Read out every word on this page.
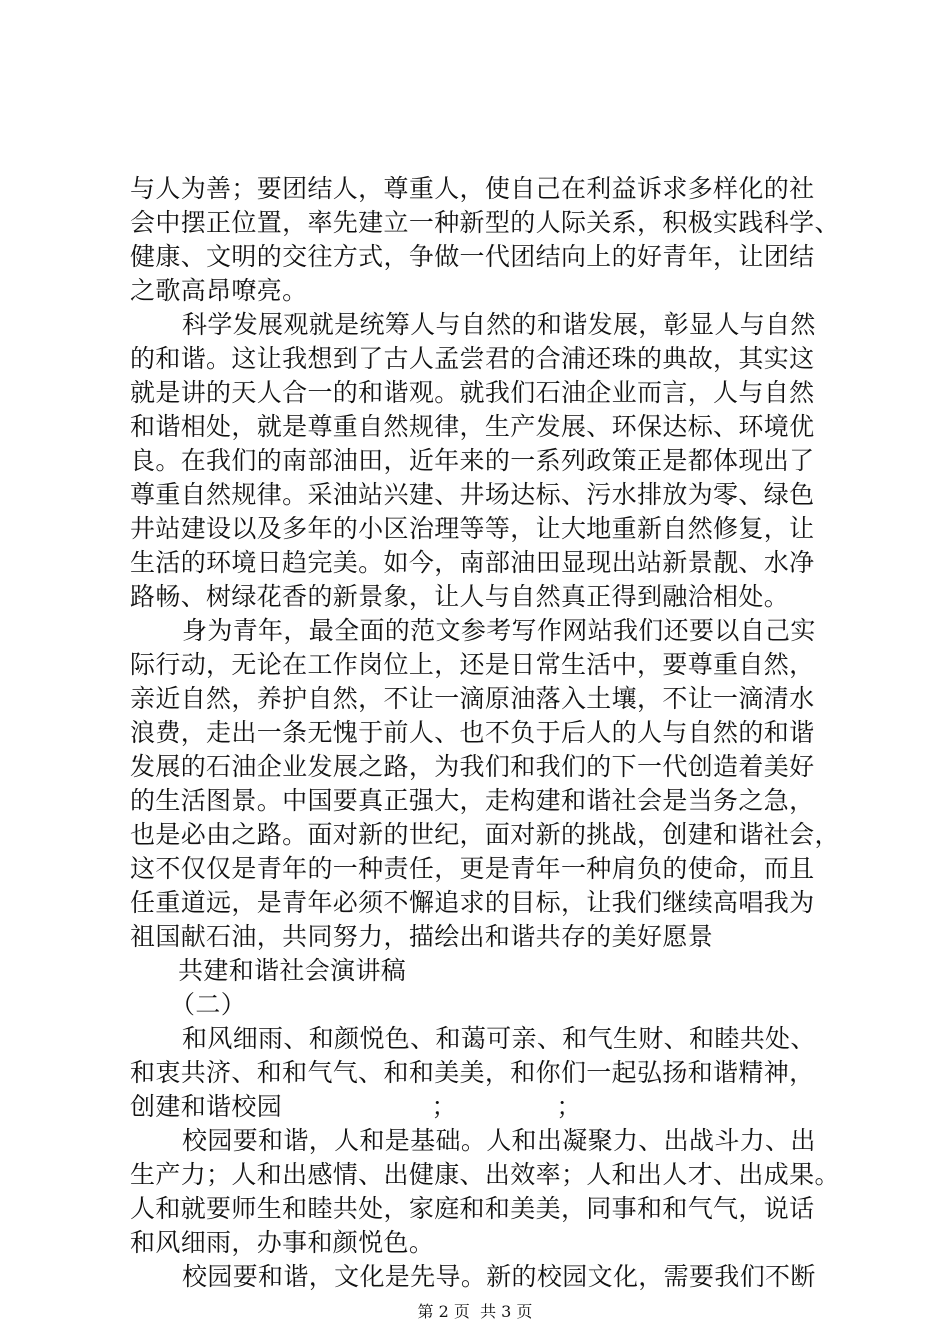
与人为善；要团结人，尊重人，使自己在利益诉求多样化的社
会中摆正位置，率先建立一种新型的人际关系，积极实践科学、
健康、文明的交往方式，争做一代团结向上的好青年，让团结
之歌高昂嘹亮。
科学发展观就是统筹人与自然的和谐发展，彰显人与自然
的和谐。这让我想到了古人孟尝君的合浦还珠的典故，其实这
就是讲的天人合一的和谐观。就我们石油企业而言，人与自然
和谐相处，就是尊重自然规律，生产发展、环保达标、环境优
良。在我们的南部油田，近年来的一系列政策正是都体现出了
尊重自然规律。采油站兴建、井场达标、污水排放为零、绿色
井站建设以及多年的小区治理等等，让大地重新自然修复，让
生活的环境日趋完美。如今，南部油田显现出站新景靓、水净
路畅、树绿花香的新景象，让人与自然真正得到融洽相处。
身为青年，最全面的范文参考写作网站我们还要以自己实
际行动，无论在工作岗位上，还是日常生活中，要尊重自然，
亲近自然，养护自然，不让一滴原油落入土壤，不让一滴清水
浪费，走出一条无愧于前人、也不负于后人的人与自然的和谐
发展的石油企业发展之路，为我们和我们的下一代创造着美好
的生活图景。中国要真正强大，走构建和谐社会是当务之急，
也是必由之路。面对新的世纪，面对新的挑战，创建和谐社会，
这不仅仅是青年的一种责任，更是青年一种肩负的使命，而且
任重道远，是青年必须不懈追求的目标，让我们继续高唱我为
祖国献石油，共同努力，描绘出和谐共存的美好愿景
共建和谐社会演讲稿
（二）
和风细雨、和颜悦色、和蔼可亲、和气生财、和睦共处、
和衷共济、和和气气、和和美美，和你们一起弘扬和谐精神，
创建和谐校园                  ；            ；
校园要和谐，人和是基础。人和出凝聚力、出战斗力、出
生产力；人和出感情、出健康、出效率；人和出人才、出成果。
人和就要师生和睦共处，家庭和和美美，同事和和气气，说话
和风细雨，办事和颜悦色。
校园要和谐，文化是先导。新的校园文化，需要我们不断
第 2 页  共 3 页
